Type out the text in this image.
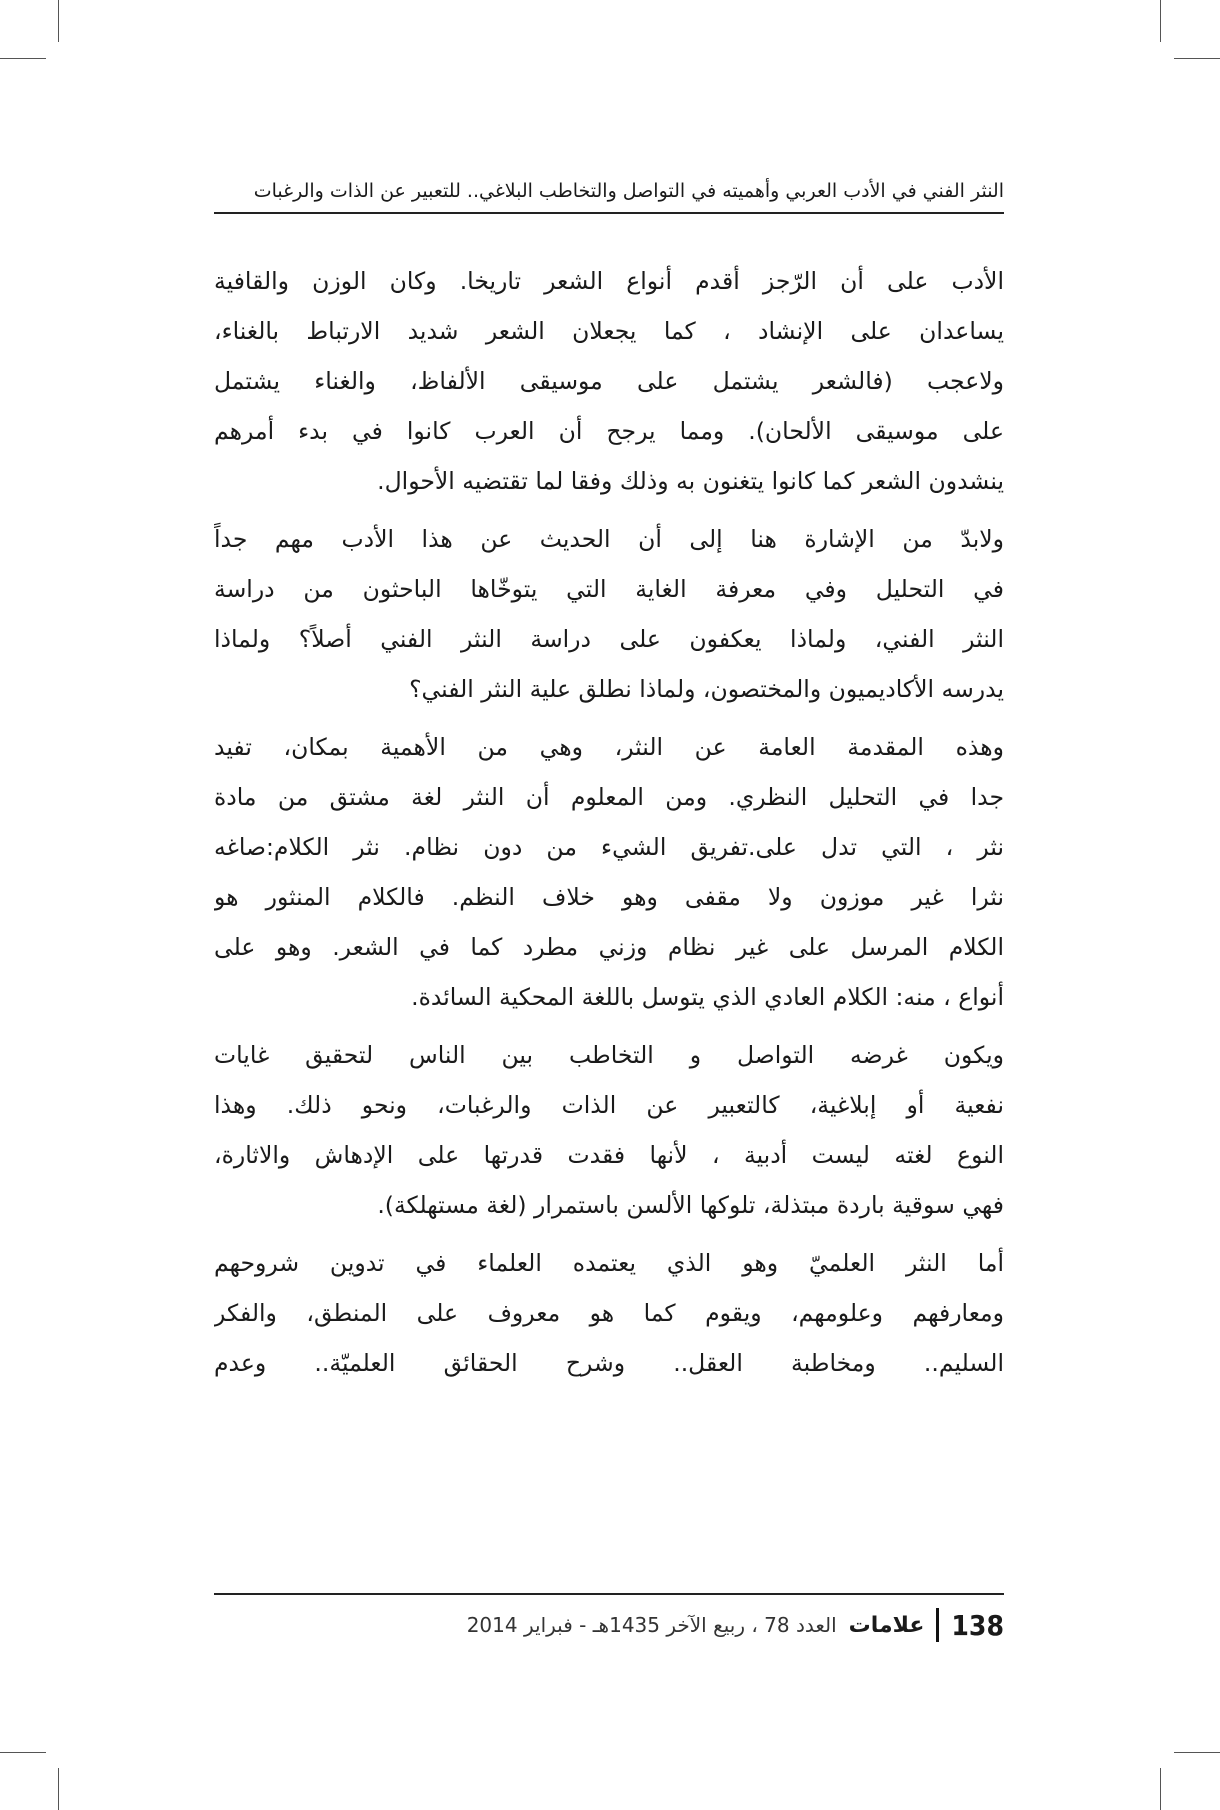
النثر الفني في الأدب العربي وأهميته في التواصل والتخاطب البلاغي.. للتعبير عن الذات والرغبات

الأدب على أن الرّجز أقدم أنواع الشعر تاريخا. وكان الوزن والقافية
يساعدان على الإنشاد ، كما يجعلان الشعر شديد الارتباط بالغناء،
ولاعجب (فالشعر يشتمل على موسيقى الألفاظ، والغناء يشتمل
على موسيقى الألحان). ومما يرجح أن العرب كانوا في بدء أمرهم
ينشدون الشعر كما كانوا يتغنون به وذلك وفقا لما تقتضيه الأحوال.

ولابدّ من الإشارة هنا إلى أن الحديث عن هذا الأدب مهم جداً
في التحليل وفي معرفة الغاية التي يتوخّاها الباحثون من دراسة
النثر الفني، ولماذا يعكفون على دراسة النثر الفني أصلاً؟ ولماذا
يدرسه الأكاديميون والمختصون، ولماذا نطلق علية النثر الفني؟

وهذه المقدمة العامة عن النثر، وهي من الأهمية بمكان، تفيد
جدا في التحليل النظري. ومن المعلوم أن النثر لغة مشتق من مادة
نثر ، التي تدل على.تفريق الشيء من دون نظام. نثر الكلام:صاغه
نثرا غير موزون ولا مقفى وهو خلاف النظم. فالكلام المنثور هو
الكلام المرسل على غير نظام وزني مطرد كما في الشعر. وهو على
أنواع ، منه: الكلام العادي الذي يتوسل باللغة المحكية السائدة.

ويكون غرضه التواصل و التخاطب بين الناس لتحقيق غايات
نفعية أو إبلاغية، كالتعبير عن الذات والرغبات، ونحو ذلك. وهذا
النوع لغته ليست أدبية ، لأنها فقدت قدرتها على الإدهاش والاثارة،
فهي سوقية باردة مبتذلة، تلوكها الألسن باستمرار (لغة مستهلكة).

أما النثر العلميّ وهو الذي يعتمده العلماء في تدوين شروحهم
ومعارفهم وعلومهم، ويقوم كما هو معروف على المنطق، والفكر
السليم.. ومخاطبة العقل.. وشرح الحقائق العلميّة.. وعدم

138
علامات
العدد 78 ، ربيع الآخر 1435هـ - فبراير 2014
